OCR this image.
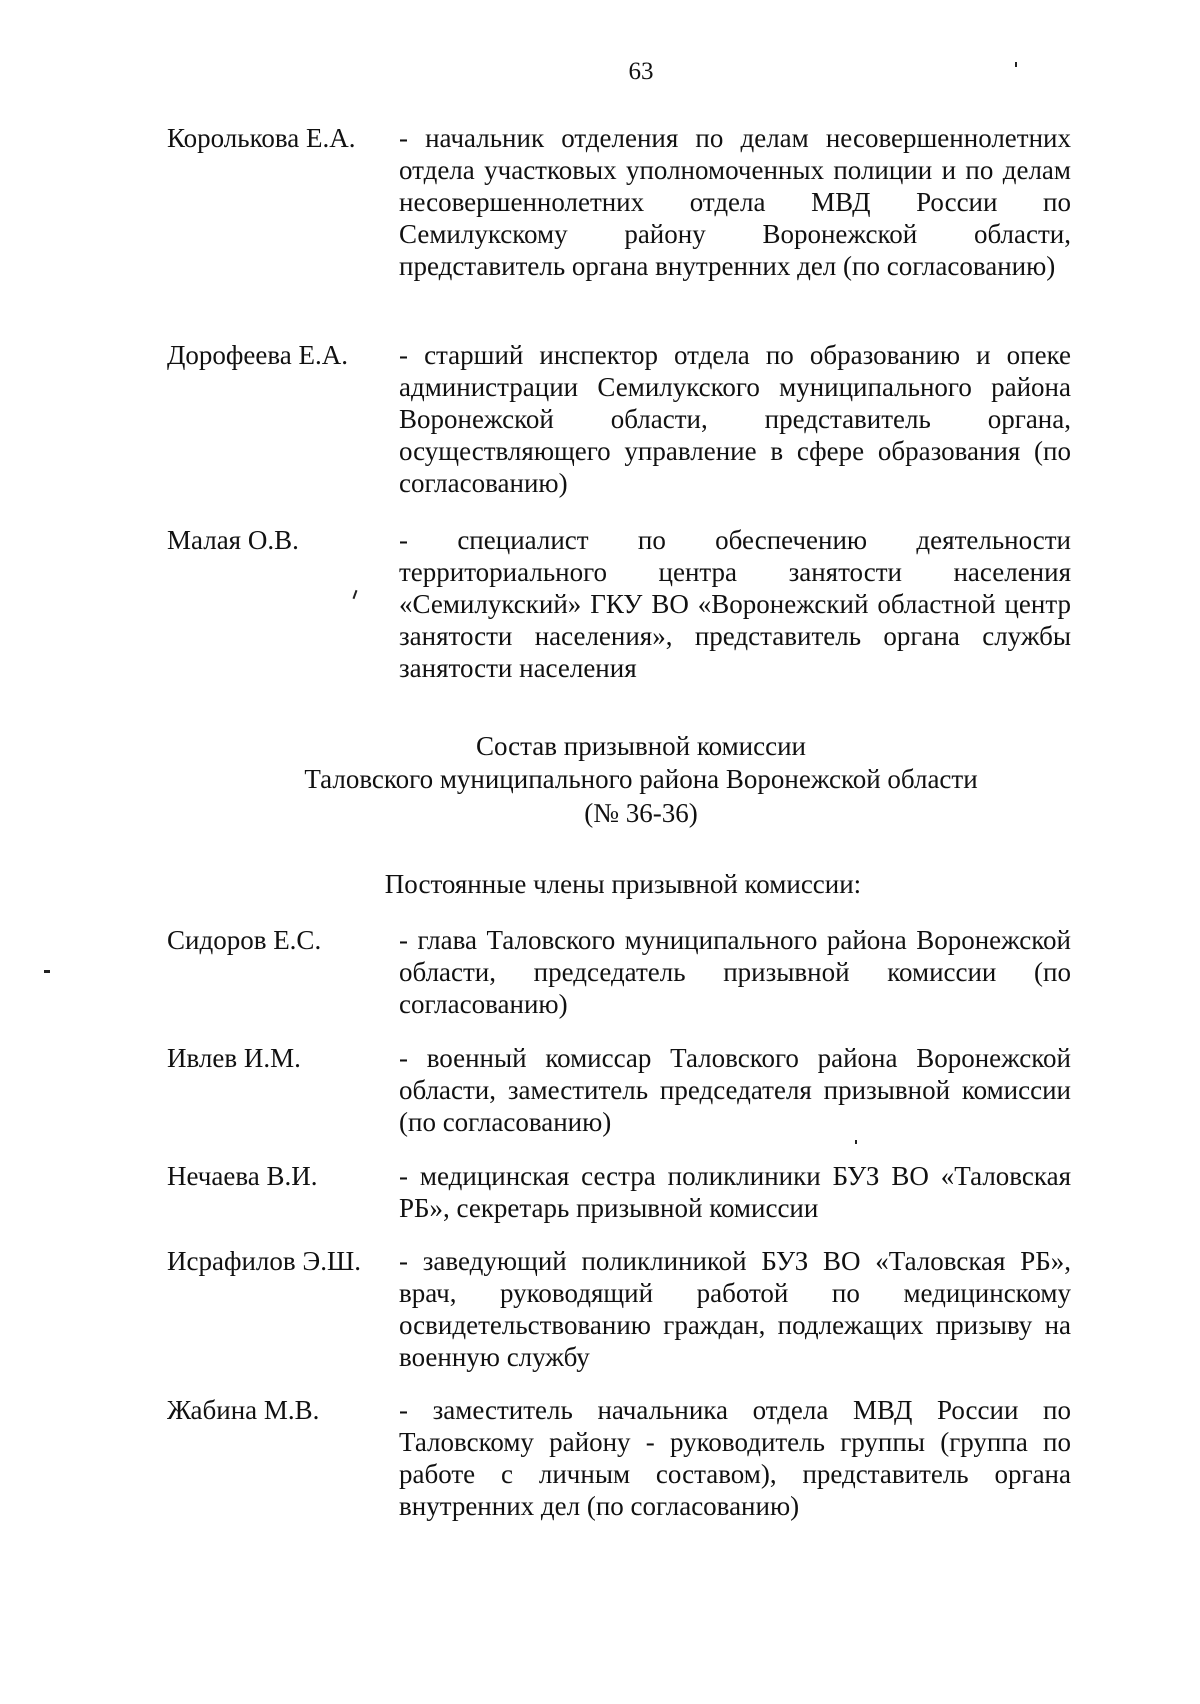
63
Королькова Е.А. - начальник отделения по делам несовершеннолетних отдела участковых уполномоченных полиции и по делам несовершеннолетних отдела МВД России по Семилукскому району Воронежской области, представитель органа внутренних дел (по согласованию)
Дорофеева Е.А. - старший инспектор отдела по образованию и опеке администрации Семилукского муниципального района Воронежской области, представитель органа, осуществляющего управление в сфере образования (по согласованию)
Малая О.В.	- специалист по обеспечению деятельности территориального центра занятости населения «Семилукский» ГКУ ВО «Воронежский областной центр занятости населения», представитель органа службы занятости населения
Состав призывной комиссии
Таловского муниципального района Воронежской области
(№ 36-36)
Постоянные члены призывной комиссии:
Сидоров Е.С.	- глава Таловского муниципального района Воронежской области, председатель призывной комиссии (по согласованию)
Ивлев И.М.	- военный комиссар Таловского района Воронежской области, заместитель председателя призывной комиссии (по согласованию)
Нечаева В.И.	- медицинская сестра поликлиники БУЗ ВО «Таловская РБ», секретарь призывной комиссии
Исрафилов Э.Ш. - заведующий поликлиникой БУЗ ВО «Таловская РБ», врач, руководящий работой по медицинскому освидетельствованию граждан, подлежащих призыву на военную службу
Жабина М.В.	- заместитель начальника отдела МВД России по Таловскому району - руководитель группы (группа по работе с личным составом), представитель органа внутренних дел (по согласованию)
